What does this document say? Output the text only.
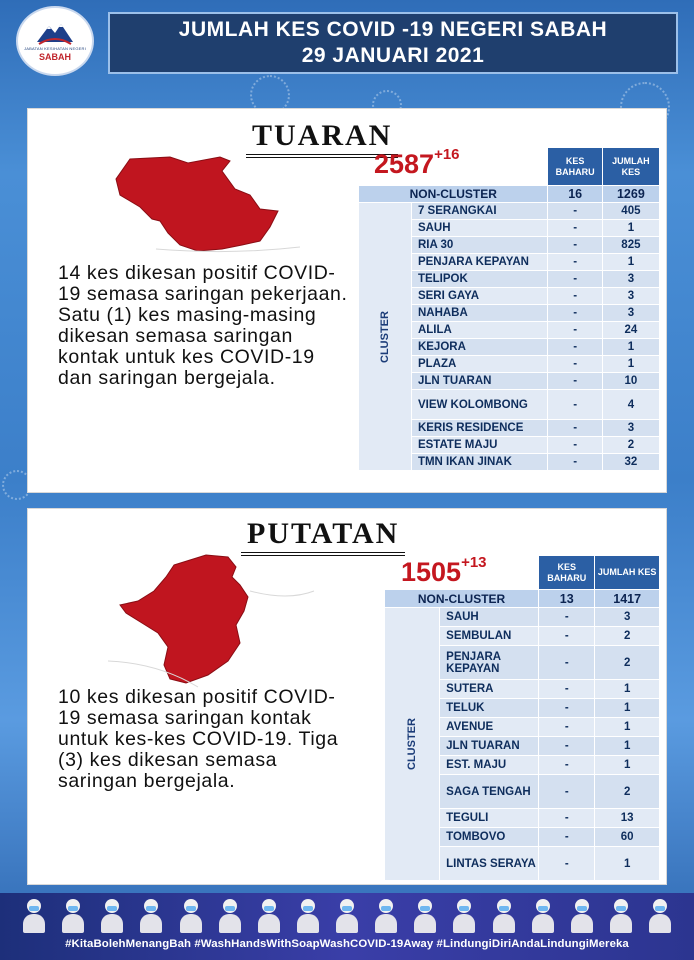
JABATAN KESIHATAN NEGERI
SABAH
JUMLAH KES COVID -19 NEGERI SABAH
29 JANUARI 2021
TUARAN
2587 + 16
14 kes dikesan positif COVID-19 semasa saringan pekerjaan. Satu (1) kes masing-masing dikesan semasa saringan kontak untuk kes COVID-19 dan saringan bergejala.
		KES BAHARU	JUMLAH KES
NON-CLUSTER		16	1269
CLUSTER	7 SERANGKAI	-	405
	SAUH	-	1
	RIA 30	-	825
	PENJARA KEPAYAN	-	1
	TELIPOK	-	3
	SERI GAYA	-	3
	NAHABA	-	3
	ALILA	-	24
	KEJORA	-	1
	PLAZA	-	1
	JLN TUARAN	-	10
	VIEW KOLOMBONG	-	4
	KERIS RESIDENCE	-	3
	ESTATE MAJU	-	2
	TMN IKAN JINAK	-	32
PUTATAN
1505 + 13
10 kes dikesan positif COVID-19 semasa saringan kontak untuk kes-kes COVID-19. Tiga (3) kes dikesan semasa saringan bergejala.
		KES BAHARU	JUMLAH KES
NON-CLUSTER		13	1417
CLUSTER	SAUH	-	3
	SEMBULAN	-	2
	PENJARA KEPAYAN	-	2
	SUTERA	-	1
	TELUK	-	1
	AVENUE	-	1
	JLN TUARAN	-	1
	EST. MAJU	-	1
	SAGA TENGAH	-	2
	TEGULI	-	13
	TOMBOVO	-	60
	LINTAS SERAYA	-	1
#KitaBolehMenangBah #WashHandsWithSoapWashCOVID-19Away #LindungiDiriAndaLindungiMereka
